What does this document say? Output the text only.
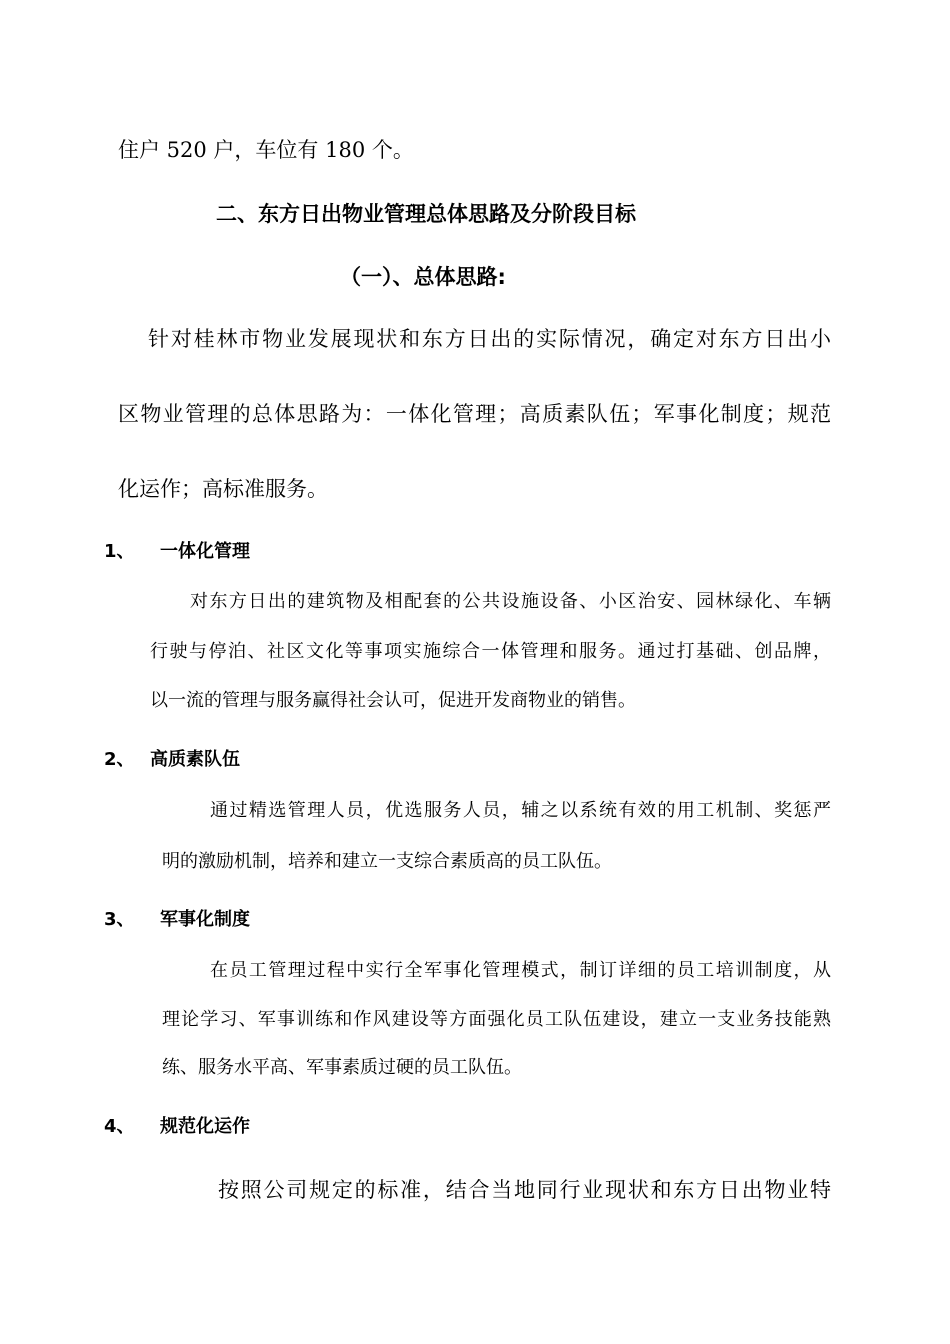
住户 520 户，车位有 180 个。
二、东方日出物业管理总体思路及分阶段目标
（一）、总体思路:
针对桂林市物业发展现状和东方日出的实际情况，确定对东方日出小
区物业管理的总体思路为：一体化管理；高质素队伍；军事化制度；规范
化运作；高标准服务。
1、 一体化管理
对东方日出的建筑物及相配套的公共设施设备、小区治安、园林绿化、车辆
行驶与停泊、社区文化等事项实施综合一体管理和服务。通过打基础、创品牌，
以一流的管理与服务赢得社会认可，促进开发商物业的销售。
2、 高质素队伍
通过精选管理人员，优选服务人员，辅之以系统有效的用工机制、奖惩严
明的激励机制，培养和建立一支综合素质高的员工队伍。
3、 军事化制度
在员工管理过程中实行全军事化管理模式，制订详细的员工培训制度，从
理论学习、军事训练和作风建设等方面强化员工队伍建设，建立一支业务技能熟
练、服务水平高、军事素质过硬的员工队伍。
4、 规范化运作
按照公司规定的标准，结合当地同行业现状和东方日出物业特
